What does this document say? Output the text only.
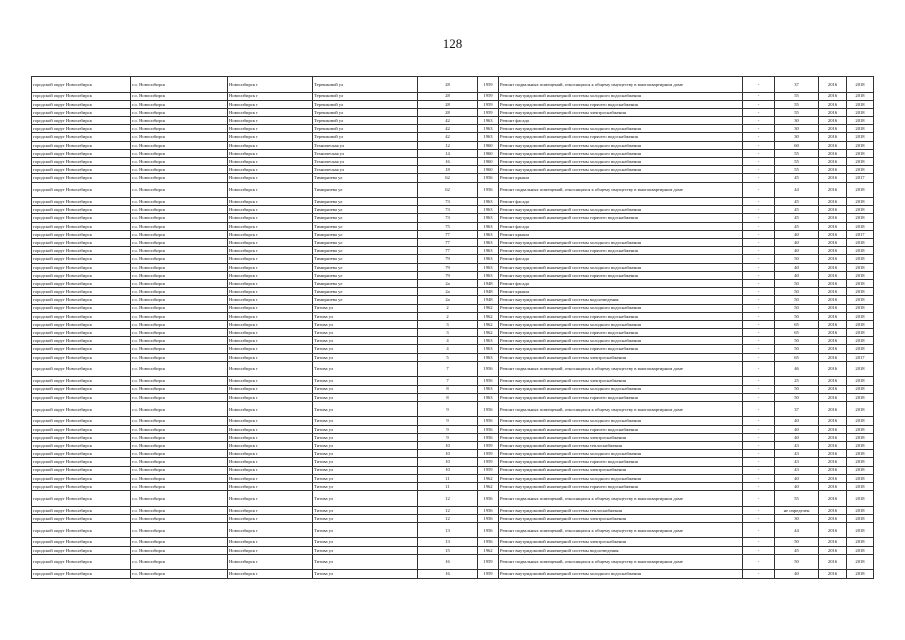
128
городской округ Новосибирск	г.о. Новосибирск	Новосибирск г	Терешковой ул	28	1959	Ремонт подвальных помещений, относящихся к общему имуществу в многоквартирном доме	-	37	2016	2018
городской округ Новосибирск	г.о. Новосибирск	Новосибирск г	Терешковой ул	28	1959	Ремонт внутридомовой инженерной системы холодного водоснабжения	-	55	2016	2018
городской округ Новосибирск	г.о. Новосибирск	Новосибирск г	Терешковой ул	28	1959	Ремонт внутридомовой инженерной системы горячего водоснабжения	-	55	2016	2018
городской округ Новосибирск	г.о. Новосибирск	Новосибирск г	Терешковой ул	28	1959	Ремонт внутридомовой инженерной системы электроснабжения	-	55	2016	2018
городской округ Новосибирск	г.о. Новосибирск	Новосибирск г	Терешковой ул	42	1963	Ремонт фасада	-	30	2016	2018
городской округ Новосибирск	г.о. Новосибирск	Новосибирск г	Терешковой ул	42	1963	Ремонт внутридомовой инженерной системы холодного водоснабжения	-	30	2016	2018
городской округ Новосибирск	г.о. Новосибирск	Новосибирск г	Терешковой ул	42	1963	Ремонт внутридомовой инженерной системы горячего водоснабжения	-	30	2016	2018
городской округ Новосибирск	г.о. Новосибирск	Новосибирск г	Техническая ул	12	1960	Ремонт внутридомовой инженерной системы холодного водоснабжения	-	60	2016	2018
городской округ Новосибирск	г.о. Новосибирск	Новосибирск г	Техническая ул	14	1960	Ремонт внутридомовой инженерной системы холодного водоснабжения	-	55	2016	2018
городской округ Новосибирск	г.о. Новосибирск	Новосибирск г	Техническая ул	16	1960	Ремонт внутридомовой инженерной системы холодного водоснабжения	-	55	2016	2018
городской округ Новосибирск	г.о. Новосибирск	Новосибирск г	Техническая ул	18	1960	Ремонт внутридомовой инженерной системы холодного водоснабжения	-	55	2016	2018
городской округ Новосибирск	г.о. Новосибирск	Новосибирск г	Тимирязева ул	62	1956	Ремонт крыши	-	45	2016	2017
городской округ Новосибирск	г.о. Новосибирск	Новосибирск г	Тимирязева ул	62	1956	Ремонт подвальных помещений, относящихся к общему имуществу в многоквартирном доме	-	44	2016	2018
городской округ Новосибирск	г.о. Новосибирск	Новосибирск г	Тимирязева ул	73	1963	Ремонт фасада	-	45	2016	2018
городской округ Новосибирск	г.о. Новосибирск	Новосибирск г	Тимирязева ул	73	1963	Ремонт внутридомовой инженерной системы холодного водоснабжения	-	45	2016	2018
городской округ Новосибирск	г.о. Новосибирск	Новосибирск г	Тимирязева ул	73	1963	Ремонт внутридомовой инженерной системы горячего водоснабжения	-	45	2016	2018
городской округ Новосибирск	г.о. Новосибирск	Новосибирск г	Тимирязева ул	75	1963	Ремонт фасада	-	45	2016	2018
городской округ Новосибирск	г.о. Новосибирск	Новосибирск г	Тимирязева ул	77	1963	Ремонт крыши	-	40	2016	2017
городской округ Новосибирск	г.о. Новосибирск	Новосибирск г	Тимирязева ул	77	1963	Ремонт внутридомовой инженерной системы холодного водоснабжения	-	40	2016	2018
городской округ Новосибирск	г.о. Новосибирск	Новосибирск г	Тимирязева ул	77	1963	Ремонт внутридомовой инженерной системы горячего водоснабжения	-	40	2016	2018
городской округ Новосибирск	г.о. Новосибирск	Новосибирск г	Тимирязева ул	79	1963	Ремонт фасада	-	50	2016	2018
городской округ Новосибирск	г.о. Новосибирск	Новосибирск г	Тимирязева ул	79	1963	Ремонт внутридомовой инженерной системы холодного водоснабжения	-	40	2016	2018
городской округ Новосибирск	г.о. Новосибирск	Новосибирск г	Тимирязева ул	79	1963	Ремонт внутридомовой инженерной системы горячего водоснабжения	-	40	2016	2018
городской округ Новосибирск	г.о. Новосибирск	Новосибирск г	Тимирязева ул	2а	1948	Ремонт фасада	-	50	2016	2018
городской округ Новосибирск	г.о. Новосибирск	Новосибирск г	Тимирязева ул	2а	1948	Ремонт крыши	-	50	2016	2018
городской округ Новосибирск	г.о. Новосибирск	Новосибирск г	Тимирязева ул	2а	1948	Ремонт внутридомовой инженерной системы водоотведения	-	50	2016	2018
городской округ Новосибирск	г.о. Новосибирск	Новосибирск г	Титова ул	2	1962	Ремонт внутридомовой инженерной системы холодного водоснабжения	-	50	2016	2018
городской округ Новосибирск	г.о. Новосибирск	Новосибирск г	Титова ул	2	1962	Ремонт внутридомовой инженерной системы горячего водоснабжения	-	50	2016	2018
городской округ Новосибирск	г.о. Новосибирск	Новосибирск г	Титова ул	3	1962	Ремонт внутридомовой инженерной системы холодного водоснабжения	-	65	2016	2018
городской округ Новосибирск	г.о. Новосибирск	Новосибирск г	Титова ул	3	1962	Ремонт внутридомовой инженерной системы горячего водоснабжения	-	65	2016	2018
городской округ Новосибирск	г.о. Новосибирск	Новосибирск г	Титова ул	4	1963	Ремонт внутридомовой инженерной системы холодного водоснабжения	-	50	2016	2018
городской округ Новосибирск	г.о. Новосибирск	Новосибирск г	Титова ул	4	1963	Ремонт внутридомовой инженерной системы горячего водоснабжения	-	50	2016	2018
городской округ Новосибирск	г.о. Новосибирск	Новосибирск г	Титова ул	5	1963	Ремонт внутридомовой инженерной системы электроснабжения	-	65	2016	2017
городской округ Новосибирск	г.о. Новосибирск	Новосибирск г	Титова ул	7	1956	Ремонт подвальных помещений, относящихся к общему имуществу в многоквартирном доме	-	46	2016	2018
городской округ Новосибирск	г.о. Новосибирск	Новосибирск г	Титова ул	7	1956	Ремонт внутридомовой инженерной системы электроснабжения	-	25	2016	2018
городской округ Новосибирск	г.о. Новосибирск	Новосибирск г	Титова ул	8	1963	Ремонт внутридомовой инженерной системы холодного водоснабжения	-	50	2016	2018
городской округ Новосибирск	г.о. Новосибирск	Новосибирск г	Титова ул	8	1963	Ремонт внутридомовой инженерной системы горячего водоснабжения	-	50	2016	2018
городской округ Новосибирск	г.о. Новосибирск	Новосибирск г	Титова ул	9	1956	Ремонт подвальных помещений, относящихся к общему имуществу в многоквартирном доме	-	37	2016	2018
городской округ Новосибирск	г.о. Новосибирск	Новосибирск г	Титова ул	9	1956	Ремонт внутридомовой инженерной системы холодного водоснабжения	-	40	2016	2018
городской округ Новосибирск	г.о. Новосибирск	Новосибирск г	Титова ул	9	1956	Ремонт внутридомовой инженерной системы горячего водоснабжения	-	40	2016	2018
городской округ Новосибирск	г.о. Новосибирск	Новосибирск г	Титова ул	9	1956	Ремонт внутридомовой инженерной системы электроснабжения	-	40	2016	2018
городской округ Новосибирск	г.о. Новосибирск	Новосибирск г	Титова ул	10	1959	Ремонт внутридомовой инженерной системы теплоснабжения	-	43	2016	2018
городской округ Новосибирск	г.о. Новосибирск	Новосибирск г	Титова ул	10	1959	Ремонт внутридомовой инженерной системы холодного водоснабжения	-	43	2016	2018
городской округ Новосибирск	г.о. Новосибирск	Новосибирск г	Титова ул	10	1959	Ремонт внутридомовой инженерной системы горячего водоснабжения	-	43	2016	2018
городской округ Новосибирск	г.о. Новосибирск	Новосибирск г	Титова ул	10	1959	Ремонт внутридомовой инженерной системы электроснабжения	-	43	2016	2018
городской округ Новосибирск	г.о. Новосибирск	Новосибирск г	Титова ул	11	1962	Ремонт внутридомовой инженерной системы холодного водоснабжения	-	40	2016	2018
городской округ Новосибирск	г.о. Новосибирск	Новосибирск г	Титова ул	11	1962	Ремонт внутридомовой инженерной системы горячего водоснабжения	-	40	2016	2018
городской округ Новосибирск	г.о. Новосибирск	Новосибирск г	Титова ул	12	1956	Ремонт подвальных помещений, относящихся к общему имуществу в многоквартирном доме	-	55	2016	2018
городской округ Новосибирск	г.о. Новосибирск	Новосибирск г	Титова ул	12	1956	Ремонт внутридомовой инженерной системы теплоснабжения	-	не определен	2016	2018
городской округ Новосибирск	г.о. Новосибирск	Новосибирск г	Титова ул	12	1956	Ремонт внутридомовой инженерной системы электроснабжения	-	30	2016	2018
городской округ Новосибирск	г.о. Новосибирск	Новосибирск г	Титова ул	13	1956	Ремонт подвальных помещений, относящихся к общему имуществу в многоквартирном доме	-	44	2016	2018
городской округ Новосибирск	г.о. Новосибирск	Новосибирск г	Титова ул	13	1956	Ремонт внутридомовой инженерной системы электроснабжения	-	50	2016	2018
городской округ Новосибирск	г.о. Новосибирск	Новосибирск г	Титова ул	15	1962	Ремонт внутридомовой инженерной системы водоотведения	-	45	2016	2018
городской округ Новосибирск	г.о. Новосибирск	Новосибирск г	Титова ул	16	1959	Ремонт подвальных помещений, относящихся к общему имуществу в многоквартирном доме	-	50	2016	2018
городской округ Новосибирск	г.о. Новосибирск	Новосибирск г	Титова ул	16	1959	Ремонт внутридомовой инженерной системы холодного водоснабжения	-	40	2016	2018
